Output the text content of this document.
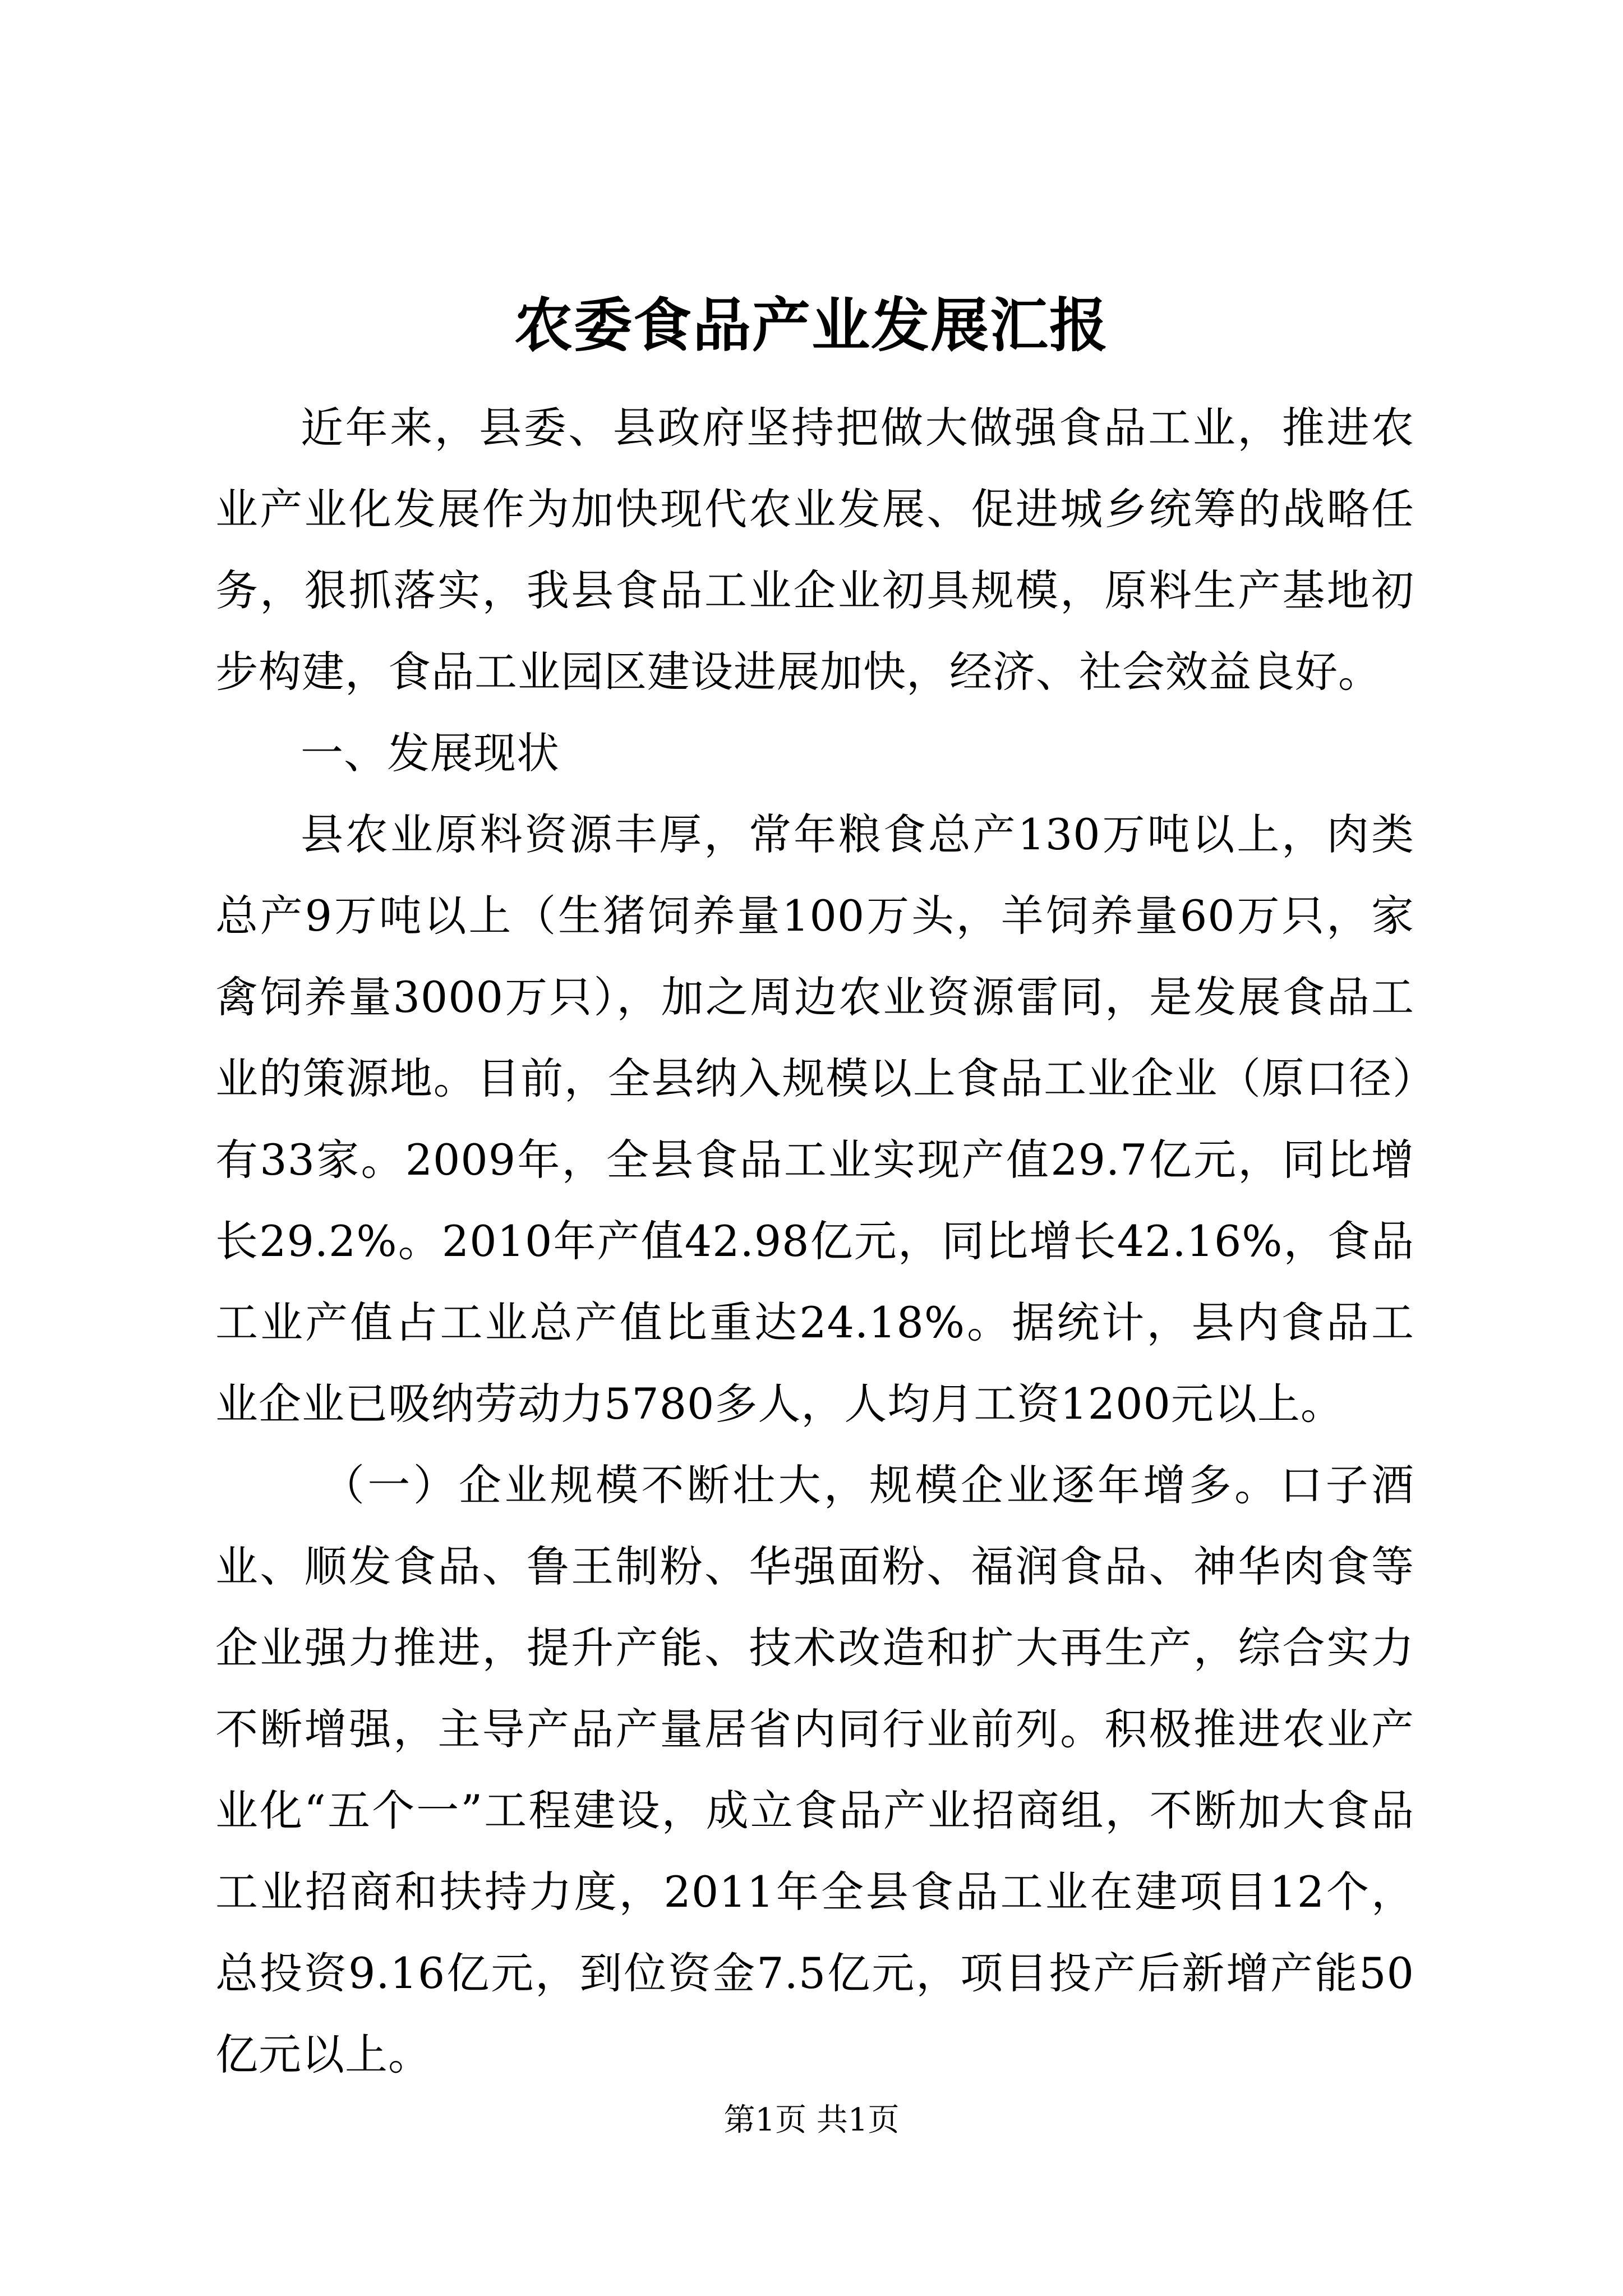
农委食品产业发展汇报

近年来，县委、县政府坚持把做大做强食品工业，推进农业产业化发展作为加快现代农业发展、促进城乡统筹的战略任务，狠抓落实，我县食品工业企业初具规模，原料生产基地初步构建，食品工业园区建设进展加快，经济、社会效益良好。

一、发展现状

县农业原料资源丰厚，常年粮食总产130万吨以上，肉类总产9万吨以上（生猪饲养量100万头，羊饲养量60万只，家禽饲养量3000万只），加之周边农业资源雷同，是发展食品工业的策源地。目前，全县纳入规模以上食品工业企业（原口径）有33家。2009年，全县食品工业实现产值29.7亿元，同比增长29.2%。2010年产值42.98亿元，同比增长42.16%，食品工业产值占工业总产值比重达24.18%。据统计，县内食品工业企业已吸纳劳动力5780多人，人均月工资1200元以上。

（一）企业规模不断壮大，规模企业逐年增多。口子酒业、顺发食品、鲁王制粉、华强面粉、福润食品、神华肉食等企业强力推进，提升产能、技术改造和扩大再生产，综合实力不断增强，主导产品产量居省内同行业前列。积极推进农业产业化“五个一”工程建设，成立食品产业招商组，不断加大食品工业招商和扶持力度，2011年全县食品工业在建项目12个，总投资9.16亿元，到位资金7.5亿元，项目投产后新增产能50亿元以上。

第1页 共1页
